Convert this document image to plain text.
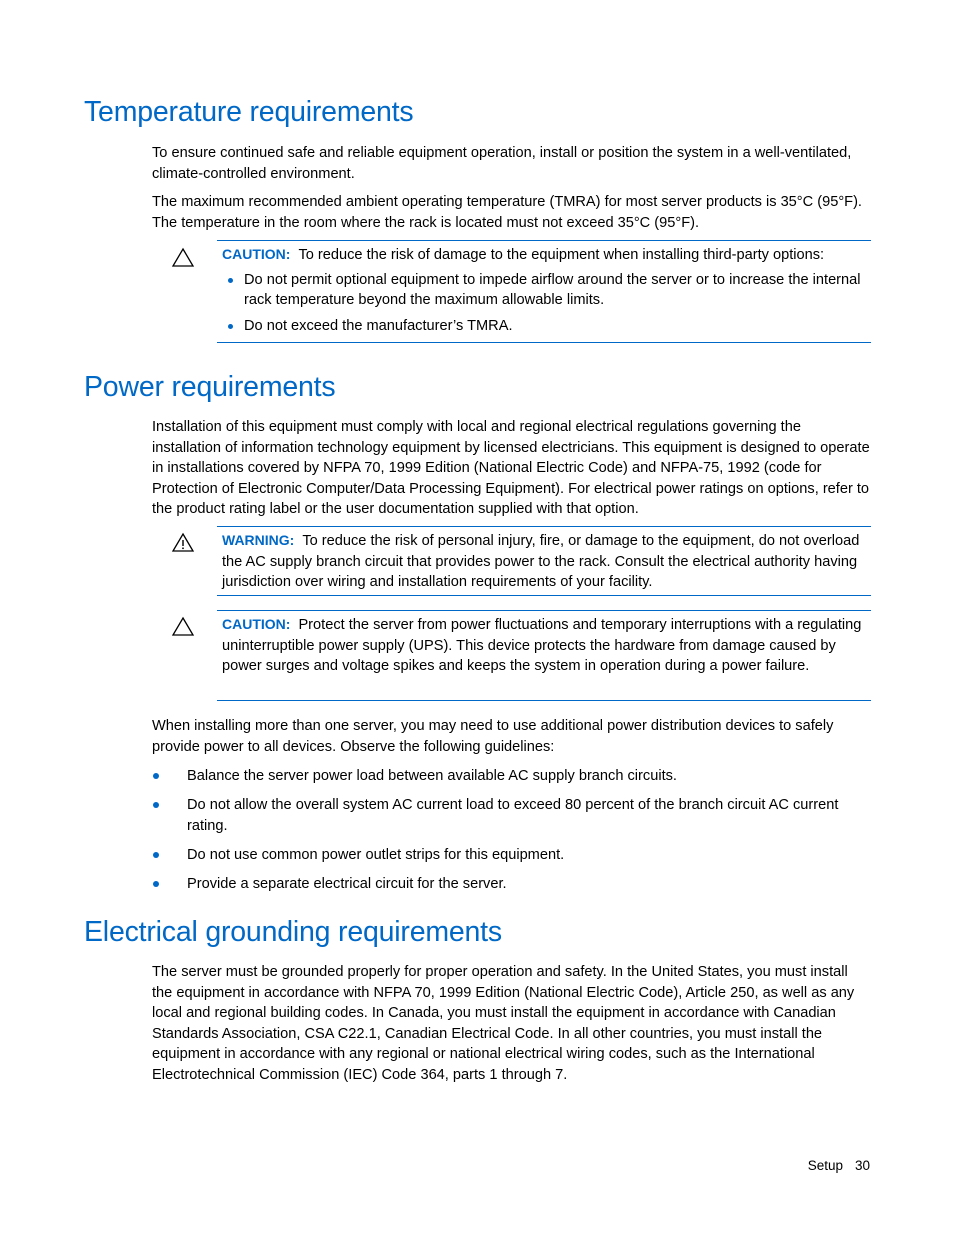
Temperature requirements

To ensure continued safe and reliable equipment operation, install or position the system in a well-ventilated, climate-controlled environment.

The maximum recommended ambient operating temperature (TMRA) for most server products is 35°C (95°F). The temperature in the room where the rack is located must not exceed 35°C (95°F).

CAUTION: To reduce the risk of damage to the equipment when installing third-party options:

Do not permit optional equipment to impede airflow around the server or to increase the internal rack temperature beyond the maximum allowable limits.
Do not exceed the manufacturer’s TMRA.
Power requirements

Installation of this equipment must comply with local and regional electrical regulations governing the installation of information technology equipment by licensed electricians. This equipment is designed to operate in installations covered by NFPA 70, 1999 Edition (National Electric Code) and NFPA-75, 1992 (code for Protection of Electronic Computer/Data Processing Equipment). For electrical power ratings on options, refer to the product rating label or the user documentation supplied with that option.

WARNING: To reduce the risk of personal injury, fire, or damage to the equipment, do not overload the AC supply branch circuit that provides power to the rack. Consult the electrical authority having jurisdiction over wiring and installation requirements of your facility.

CAUTION: Protect the server from power fluctuations and temporary interruptions with a regulating uninterruptible power supply (UPS). This device protects the hardware from damage caused by power surges and voltage spikes and keeps the system in operation during a power failure.

When installing more than one server, you may need to use additional power distribution devices to safely provide power to all devices. Observe the following guidelines:

Balance the server power load between available AC supply branch circuits.
Do not allow the overall system AC current load to exceed 80 percent of the branch circuit AC current rating.
Do not use common power outlet strips for this equipment.
Provide a separate electrical circuit for the server.
Electrical grounding requirements

The server must be grounded properly for proper operation and safety. In the United States, you must install the equipment in accordance with NFPA 70, 1999 Edition (National Electric Code), Article 250, as well as any local and regional building codes. In Canada, you must install the equipment in accordance with Canadian Standards Association, CSA C22.1, Canadian Electrical Code. In all other countries, you must install the equipment in accordance with any regional or national electrical wiring codes, such as the International Electrotechnical Commission (IEC) Code 364, parts 1 through 7.

Setup 30
